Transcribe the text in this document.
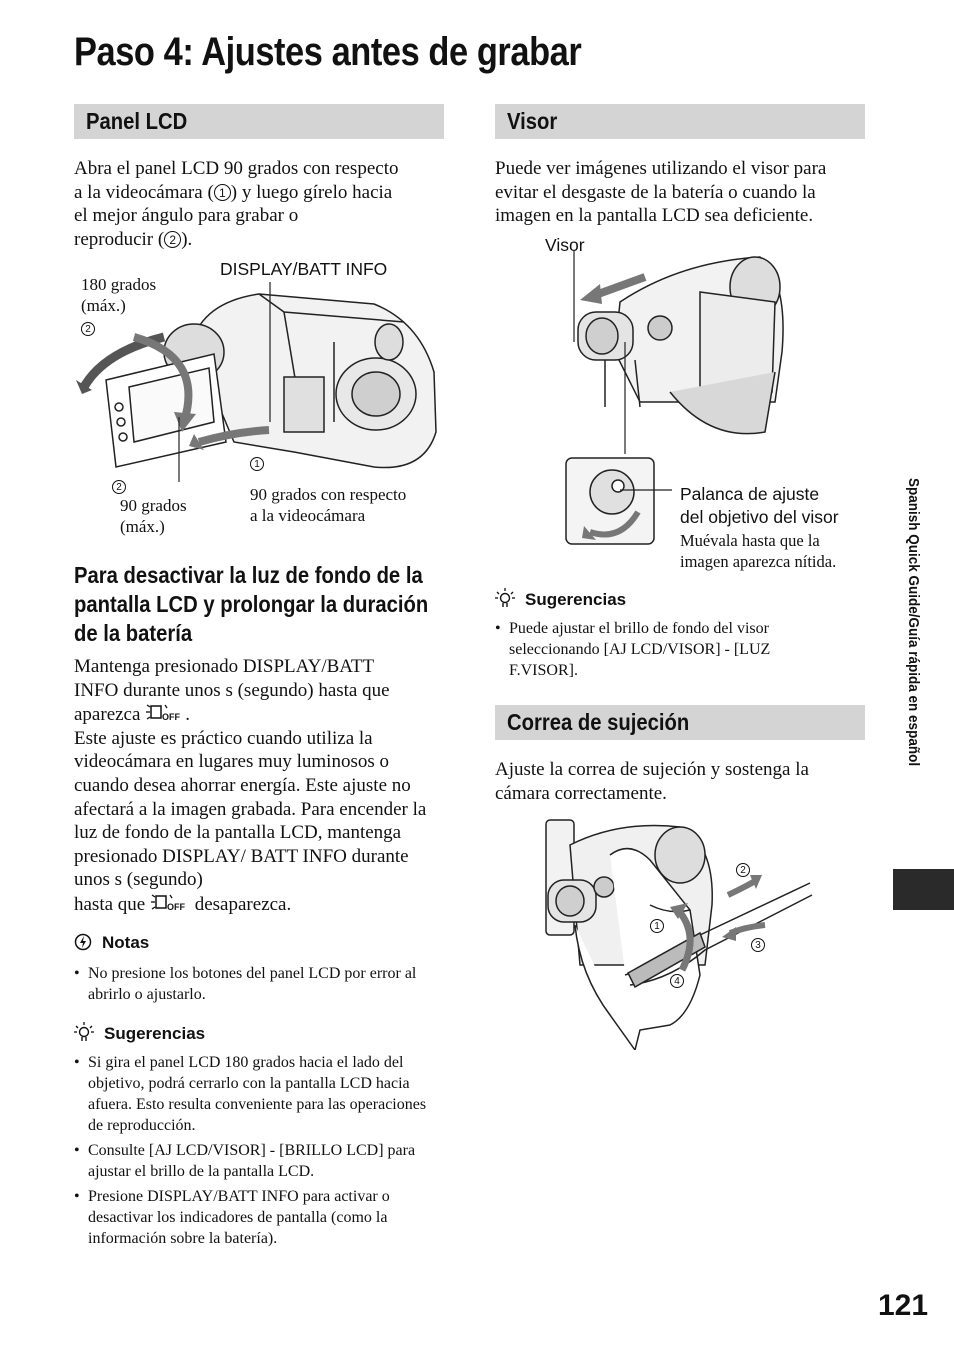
Paso 4: Ajustes antes de grabar
Panel LCD
Abra el panel LCD 90 grados con respecto
a la videocámara ( 1 ) y luego gírelo hacia
el mejor ángulo para grabar o
reproducir ( 2 ).
DISPLAY/BATT INFO
180 grados
(máx.)
2
2
90 grados
(máx.)
1
90 grados con respecto
a la videocámara
Para desactivar la luz de fondo de la pantalla LCD y prolongar la duración de la batería
Mantenga presionado DISPLAY/BATT
INFO durante unos s (segundo) hasta que
aparezca OFF .
Este ajuste es práctico cuando utiliza la videocámara en lugares muy luminosos o cuando desea ahorrar energía. Este ajuste no afectará a la imagen grabada. Para encender la luz de fondo de la pantalla LCD, mantenga presionado DISPLAY/ BATT INFO durante unos s (segundo)
hasta que OFF desaparezca.
Notas
• No presione los botones del panel LCD por error al abrirlo o ajustarlo.
Sugerencias
• Si gira el panel LCD 180 grados hacia el lado del objetivo, podrá cerrarlo con la pantalla LCD hacia afuera. Esto resulta conveniente para las operaciones de reproducción.
• Consulte [AJ LCD/VISOR] - [BRILLO LCD] para ajustar el brillo de la pantalla LCD.
• Presione DISPLAY/BATT INFO para activar o desactivar los indicadores de pantalla (como la información sobre la batería).
Visor
Puede ver imágenes utilizando el visor para evitar el desgaste de la batería o cuando la imagen en la pantalla LCD sea deficiente.
Visor
Palanca de ajuste
del objetivo del visor
Muévala hasta que la
imagen aparezca nítida.
Sugerencias
• Puede ajustar el brillo de fondo del visor seleccionando [AJ LCD/VISOR] - [LUZ F.VISOR].
Correa de sujeción
Ajuste la correa de sujeción y sostenga la cámara correctamente.
1
2
3
4
Spanish Quick Guide/Guía rápida en español
121
